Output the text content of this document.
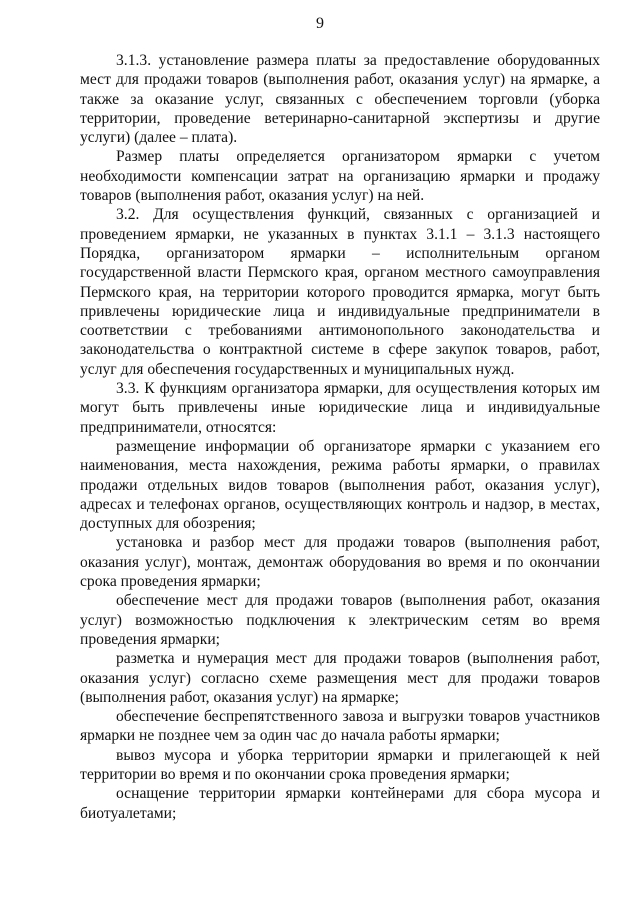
9

3.1.3. установление размера платы за предоставление оборудованных мест для продажи товаров (выполнения работ, оказания услуг) на ярмарке, а также за оказание услуг, связанных с обеспечением торговли (уборка территории, проведение ветеринарно-санитарной экспертизы и другие услуги) (далее – плата).

Размер платы определяется организатором ярмарки с учетом необходимости компенсации затрат на организацию ярмарки и продажу товаров (выполнения работ, оказания услуг) на ней.

3.2. Для осуществления функций, связанных с организацией и проведением ярмарки, не указанных в пунктах 3.1.1 – 3.1.3 настоящего Порядка, организатором ярмарки – исполнительным органом государственной власти Пермского края, органом местного самоуправления Пермского края, на территории которого проводится ярмарка, могут быть привлечены юридические лица и индивидуальные предприниматели в соответствии с требованиями антимонопольного законодательства и законодательства о контрактной системе в сфере закупок товаров, работ, услуг для обеспечения государственных и муниципальных нужд.

3.3. К функциям организатора ярмарки, для осуществления которых им могут быть привлечены иные юридические лица и индивидуальные предприниматели, относятся:

размещение информации об организаторе ярмарки с указанием его наименования, места нахождения, режима работы ярмарки, о правилах продажи отдельных видов товаров (выполнения работ, оказания услуг), адресах и телефонах органов, осуществляющих контроль и надзор, в местах, доступных для обозрения;

установка и разбор мест для продажи товаров (выполнения работ, оказания услуг), монтаж, демонтаж оборудования во время и по окончании срока проведения ярмарки;

обеспечение мест для продажи товаров (выполнения работ, оказания услуг) возможностью подключения к электрическим сетям во время проведения ярмарки;

разметка и нумерация мест для продажи товаров (выполнения работ, оказания услуг) согласно схеме размещения мест для продажи товаров (выполнения работ, оказания услуг) на ярмарке;

обеспечение беспрепятственного завоза и выгрузки товаров участников ярмарки не позднее чем за один час до начала работы ярмарки;

вывоз мусора и уборка территории ярмарки и прилегающей к ней территории во время и по окончании срока проведения ярмарки;

оснащение территории ярмарки контейнерами для сбора мусора и биотуалетами;
